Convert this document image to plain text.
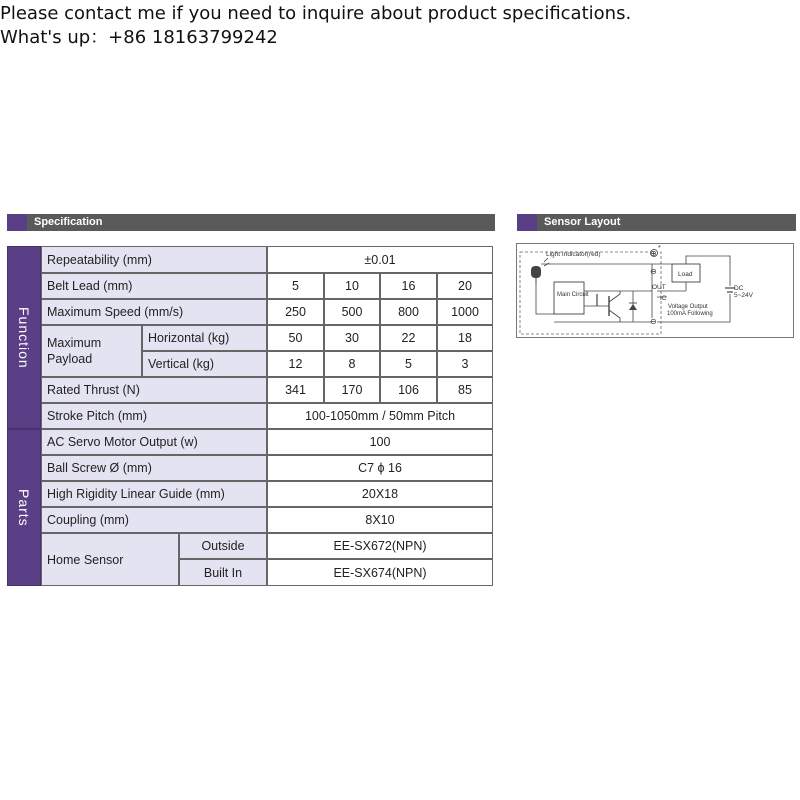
Please contact me if you need to inquire about product specifications.
What's up：+86 18163799242
Specification	Sensor Layout
Function
Parts
Repeatability (mm)	±0.01
Belt Lead (mm)	5	10	16	20
Maximum Speed (mm/s)	250	500	800	1000
Maximum Payload
Horizontal (kg)	50	30	22	18
Vertical (kg)	12	8	5	3
Rated Thrust (N)	341	170	106	85
Stroke Pitch (mm)	100-1050mm / 50mm Pitch
AC Servo Motor Output (w)	100
Ball Screw Ø (mm)	C7 ϕ 16
High Rigidity Linear Guide (mm)	20X18
Coupling (mm)	8X10
Home Sensor
Outside	EE-SX672(NPN)
Built In	EE-SX674(NPN)
Light Indicator(red)
Main Circuit
⊕
*
⊖
OUT
⊖
Load
IC
DC
5~24V
Voltage Output
100mA Following
